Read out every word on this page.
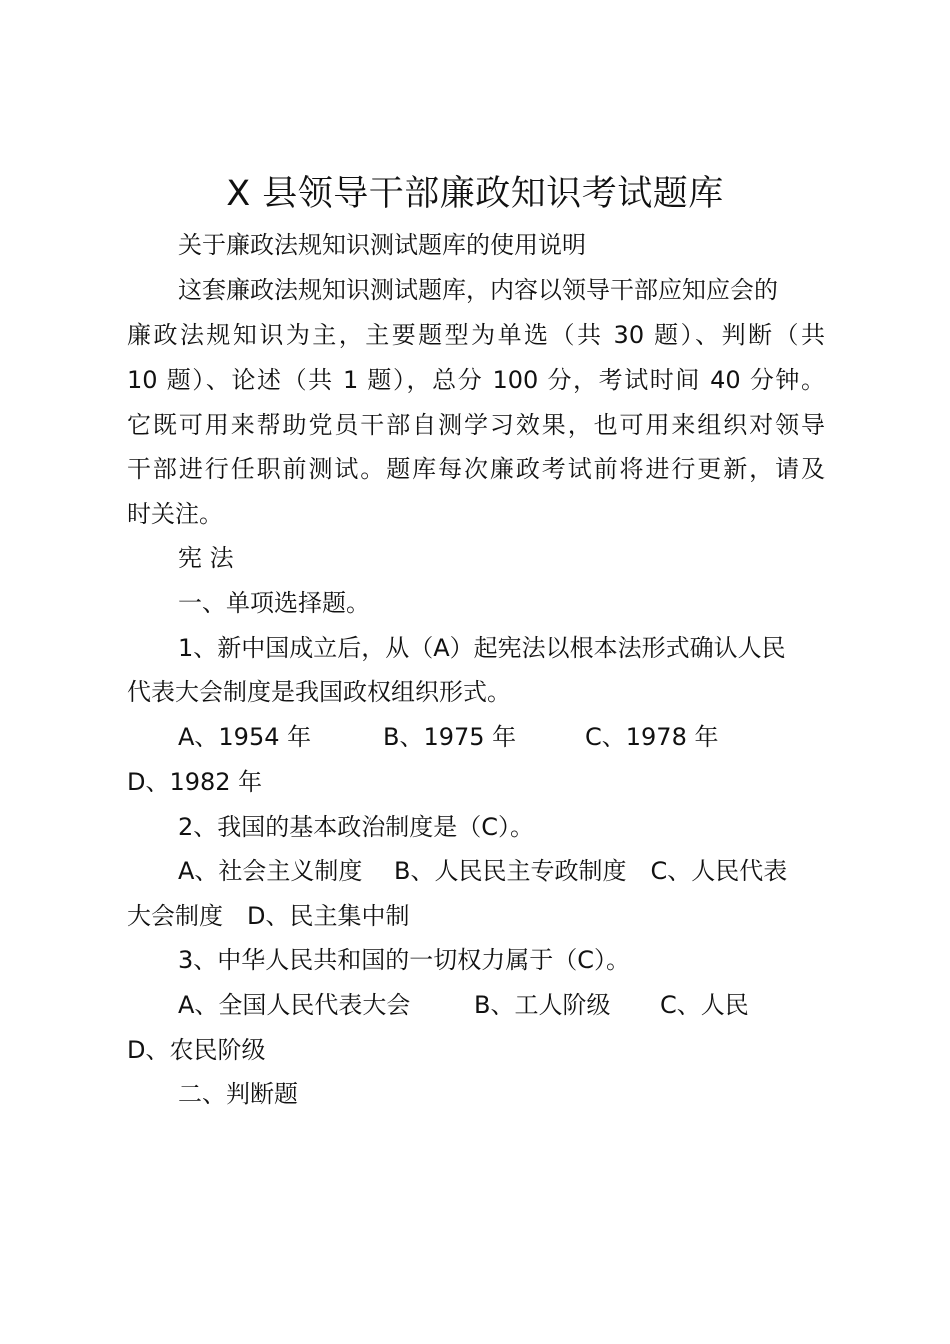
X 县领导干部廉政知识考试题库
关于廉政法规知识测试题库的使用说明
这套廉政法规知识测试题库，内容以领导干部应知应会的
廉政法规知识为主，主要题型为单选（共 30 题）、判断（共
10 题）、论述（共 1 题），总分 100 分，考试时间 40 分钟。
它既可用来帮助党员干部自测学习效果，也可用来组织对领导
干部进行任职前测试。题库每次廉政考试前将进行更新，请及
时关注。
宪 法
一、单项选择题。
1、新中国成立后，从（A）起宪法以根本法形式确认人民
代表大会制度是我国政权组织形式。
A、1954 年	B、1975 年	C、1978 年
D、1982 年
2、我国的基本政治制度是（C）。
A、社会主义制度　 B、人民民主专政制度　C、人民代表
大会制度　D、民主集中制
3、中华人民共和国的一切权力属于（C）。
A、全国人民代表大会	B、工人阶级 C、人民
D、农民阶级
二、判断题
